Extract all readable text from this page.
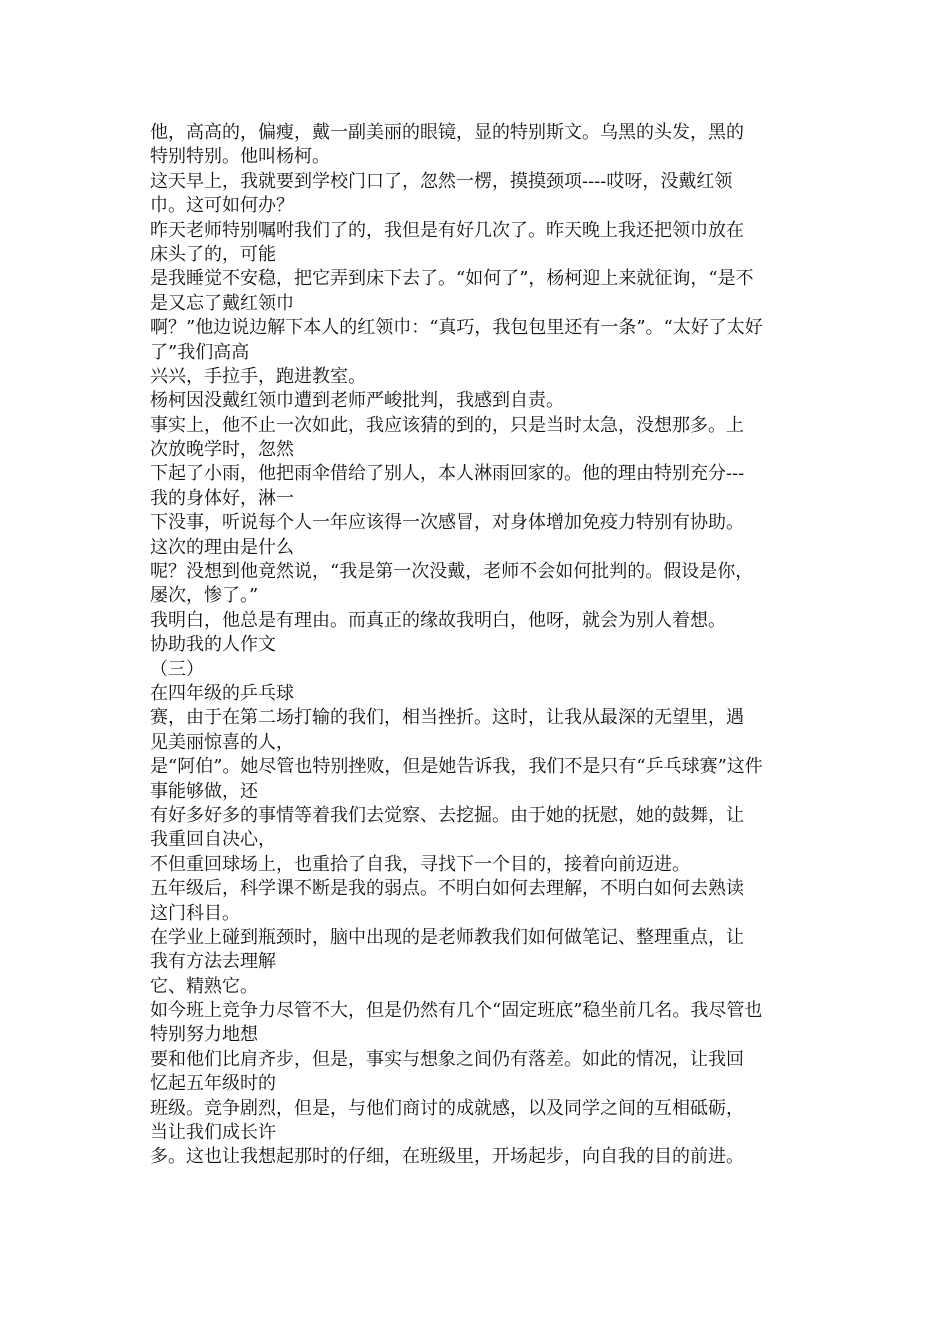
他，高高的，偏瘦，戴一副美丽的眼镜，显的特别斯文。乌黑的头发，黑的
特别特别。他叫杨柯。
这天早上，我就要到学校门口了，忽然一楞，摸摸颈项----哎呀，没戴红领
巾。这可如何办？
昨天老师特别嘱咐我们了的，我但是有好几次了。昨天晚上我还把领巾放在
床头了的，可能
是我睡觉不安稳，把它弄到床下去了。“如何了”，杨柯迎上来就征询，“是不
是又忘了戴红领巾
啊？”他边说边解下本人的红领巾：“真巧，我包包里还有一条”。“太好了太好
了”我们高高
兴兴，手拉手，跑进教室。
杨柯因没戴红领巾遭到老师严峻批判，我感到自责。
事实上，他不止一次如此，我应该猜的到的，只是当时太急，没想那多。上
次放晚学时，忽然
下起了小雨，他把雨伞借给了别人，本人淋雨回家的。他的理由特别充分---
我的身体好，淋一
下没事，听说每个人一年应该得一次感冒，对身体增加免疫力特别有协助。
这次的理由是什么
呢？没想到他竟然说，“我是第一次没戴，老师不会如何批判的。假设是你，
屡次，惨了。”
我明白，他总是有理由。而真正的缘故我明白，他呀，就会为别人着想。
协助我的人作文
（三）
在四年级的乒乓球
赛，由于在第二场打输的我们，相当挫折。这时，让我从最深的无望里，遇
见美丽惊喜的人，
是“阿伯”。她尽管也特别挫败，但是她告诉我，我们不是只有“乒乓球赛”这件
事能够做，还
有好多好多的事情等着我们去觉察、去挖掘。由于她的抚慰，她的鼓舞，让
我重回自决心，
不但重回球场上，也重拾了自我，寻找下一个目的，接着向前迈进。
五年级后，科学课不断是我的弱点。不明白如何去理解，不明白如何去熟读
这门科目。
在学业上碰到瓶颈时，脑中出现的是老师教我们如何做笔记、整理重点，让
我有方法去理解
它、精熟它。
如今班上竞争力尽管不大，但是仍然有几个“固定班底”稳坐前几名。我尽管也
特别努力地想
要和他们比肩齐步，但是，事实与想象之间仍有落差。如此的情况，让我回
忆起五年级时的
班级。竞争剧烈，但是，与他们商讨的成就感，以及同学之间的互相砥砺，
当让我们成长许
多。这也让我想起那时的仔细，在班级里，开场起步，向自我的目的前进。
